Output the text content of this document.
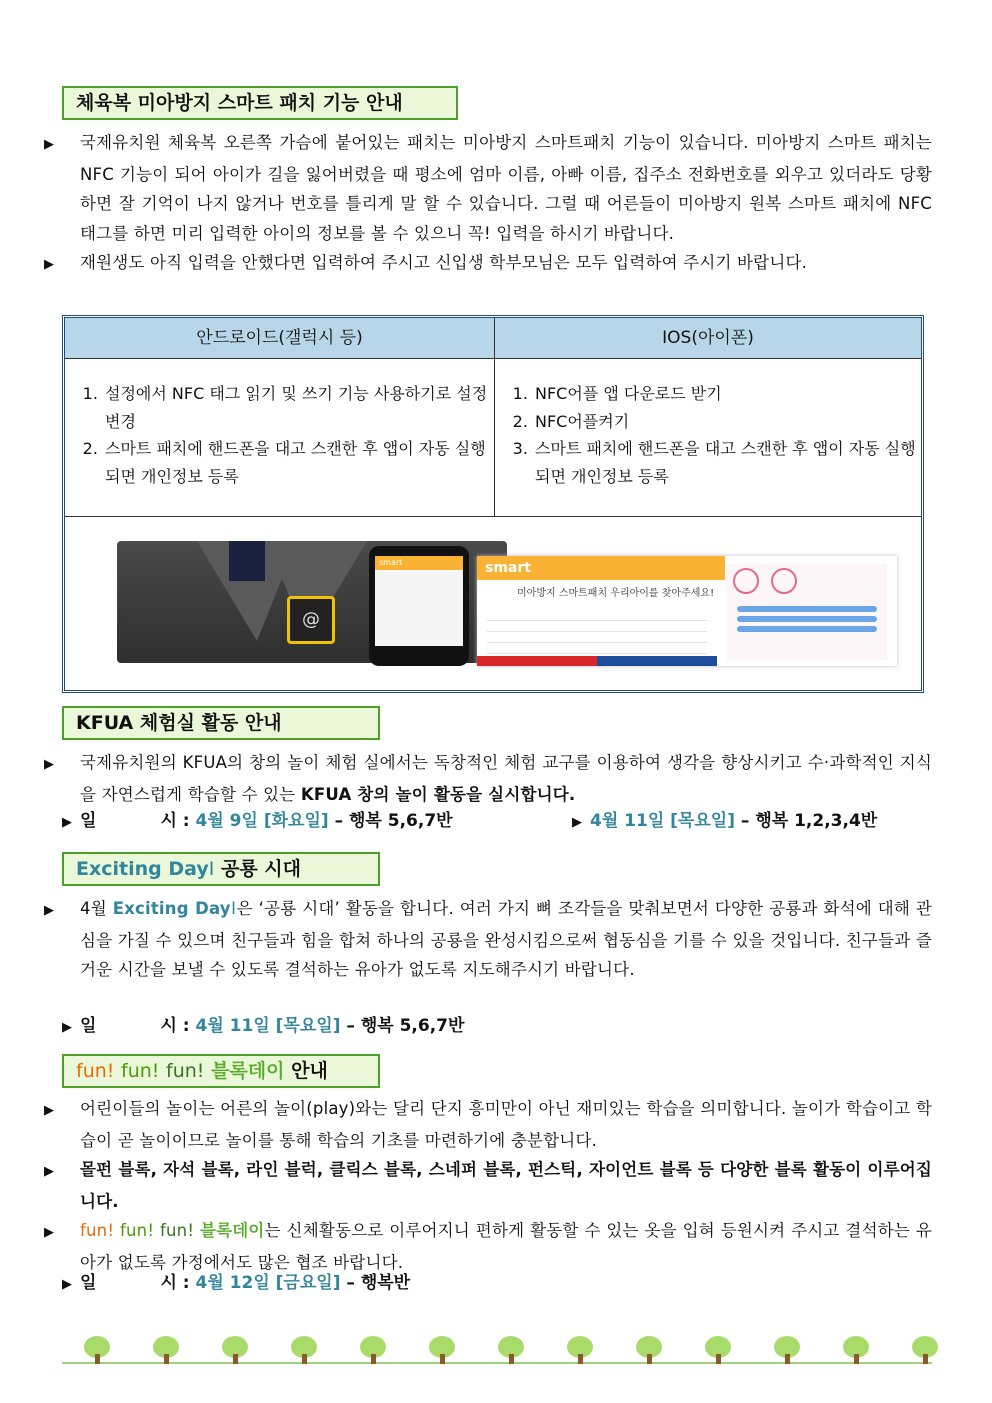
체육복 미아방지 스마트 패치 기능 안내

▶ 국제유치원 체육복 오른쪽 가슴에 붙어있는 패치는 미아방지 스마트패치 기능이 있습니다. 미아방지 스마트 패치는 NFC 기능이 되어 아이가 길을 잃어버렸을 때 평소에 엄마 이름, 아빠 이름, 집주소 전화번호를 외우고 있더라도 당황하면 잘 기억이 나지 않거나 번호를 틀리게 말 할 수 있습니다. 그럴 때 어른들이 미아방지 원복 스마트 패치에 NFC 태그를 하면 미리 입력한 아이의 정보를 볼 수 있으니 꼭! 입력을 하시기 바랍니다.

▶ 재원생도 아직 입력을 안했다면 입력하여 주시고 신입생 학부모님은 모두 입력하여 주시기 바랍니다.

안드로이드(갤럭시 등)	IOS(아이폰)
1. 설정에서 NFC 태그 읽기 및 쓰기 기능 사용하기로 설정 변경
2. 스마트 패치에 핸드폰을 대고 스캔한 후 앱이 자동 실행되면 개인정보 등록
1. NFC어플 앱 다운로드 받기
2. NFC어플켜기
3. 스마트 패치에 핸드폰을 대고 스캔한 후 앱이 자동 실행되면 개인정보 등록
@
smart	smart
미아방지 스마트패치 우리아이를 찾아주세요!
KFUA 체험실 활동 안내

▶ 국제유치원의 KFUA의 창의 놀이 체험 실에서는 독창적인 체험 교구를 이용하여 생각을 향상시키고 수·과학적인 지식을 자연스럽게 학습할 수 있는 KFUA 창의 놀이 활동을 실시합니다.

▶ 일	시 : 4월 9일 [화요일] – 행복 5,6,7반	▶ 4월 11일 [목요일] – 행복 1,2,3,4반
Exciting DayⅠ 공룡 시대

▶ 4월 Exciting DayⅠ은 ‘공룡 시대’ 활동을 합니다. 여러 가지 뼈 조각들을 맞춰보면서 다양한 공룡과 화석에 대해 관심을 가질 수 있으며 친구들과 힘을 합쳐 하나의 공룡을 완성시킴으로써 협동심을 기를 수 있을 것입니다. 친구들과 즐거운 시간을 보낼 수 있도록 결석하는 유아가 없도록 지도해주시기 바랍니다.

▶ 일	시 : 4월 11일 [목요일] – 행복 5,6,7반
fun! fun! fun! 블록데이 안내

▶ 어린이들의 놀이는 어른의 놀이(play)와는 달리 단지 흥미만이 아닌 재미있는 학습을 의미합니다. 놀이가 학습이고 학습이 곧 놀이이므로 놀이를 통해 학습의 기초를 마련하기에 충분합니다.

▶ 몰펀 블록, 자석 블록, 라인 블럭, 클릭스 블록, 스네퍼 블록, 펀스틱, 자이언트 블록 등 다양한 블록 활동이 이루어집니다.

▶ fun! fun! fun! 블록데이는 신체활동으로 이루어지니 편하게 활동할 수 있는 옷을 입혀 등원시켜 주시고 결석하는 유아가 없도록 가정에서도 많은 협조 바랍니다.

▶ 일	시 : 4월 12일 [금요일] – 행복반
